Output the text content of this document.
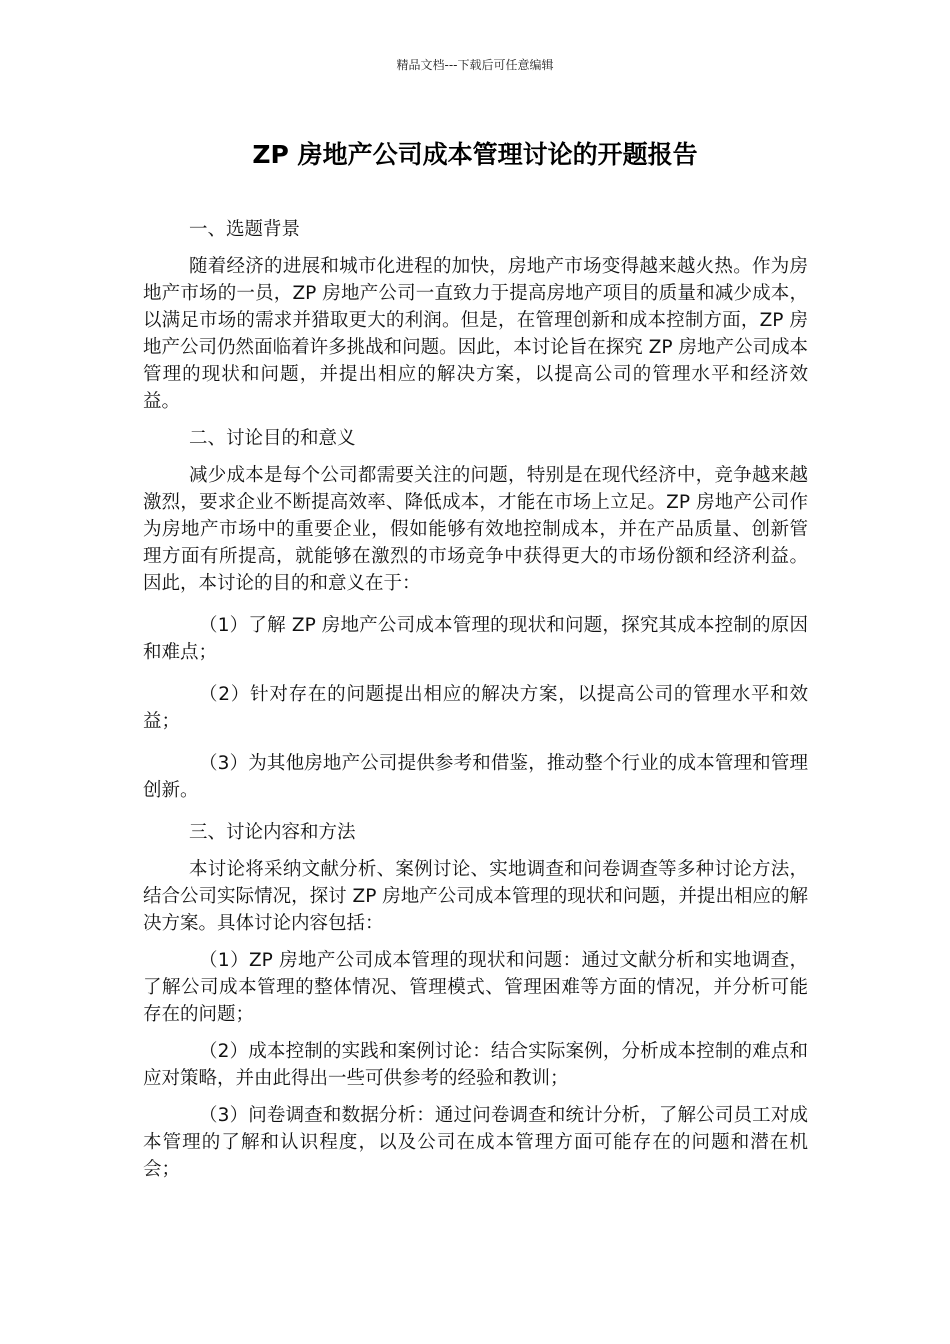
精品文档---下载后可任意编辑
ZP 房地产公司成本管理讨论的开题报告

一、选题背景

随着经济的进展和城市化进程的加快，房地产市场变得越来越火热。作为房地产市场的一员，ZP 房地产公司一直致力于提高房地产项目的质量和减少成本，以满足市场的需求并猎取更大的利润。但是，在管理创新和成本控制方面，ZP 房地产公司仍然面临着许多挑战和问题。因此，本讨论旨在探究 ZP 房地产公司成本管理的现状和问题，并提出相应的解决方案，以提高公司的管理水平和经济效益。

二、讨论目的和意义

减少成本是每个公司都需要关注的问题，特别是在现代经济中，竞争越来越激烈，要求企业不断提高效率、降低成本，才能在市场上立足。ZP 房地产公司作为房地产市场中的重要企业，假如能够有效地控制成本，并在产品质量、创新管理方面有所提高，就能够在激烈的市场竞争中获得更大的市场份额和经济利益。因此，本讨论的目的和意义在于：

（1）了解 ZP 房地产公司成本管理的现状和问题，探究其成本控制的原因和难点；

（2）针对存在的问题提出相应的解决方案，以提高公司的管理水平和效益；

（3）为其他房地产公司提供参考和借鉴，推动整个行业的成本管理和管理创新。

三、讨论内容和方法

本讨论将采纳文献分析、案例讨论、实地调查和问卷调查等多种讨论方法，结合公司实际情况，探讨 ZP 房地产公司成本管理的现状和问题，并提出相应的解决方案。具体讨论内容包括：

（1）ZP 房地产公司成本管理的现状和问题：通过文献分析和实地调查，了解公司成本管理的整体情况、管理模式、管理困难等方面的情况，并分析可能存在的问题；

（2）成本控制的实践和案例讨论：结合实际案例，分析成本控制的难点和应对策略，并由此得出一些可供参考的经验和教训；

（3）问卷调查和数据分析：通过问卷调查和统计分析，了解公司员工对成本管理的了解和认识程度，以及公司在成本管理方面可能存在的问题和潜在机会；
